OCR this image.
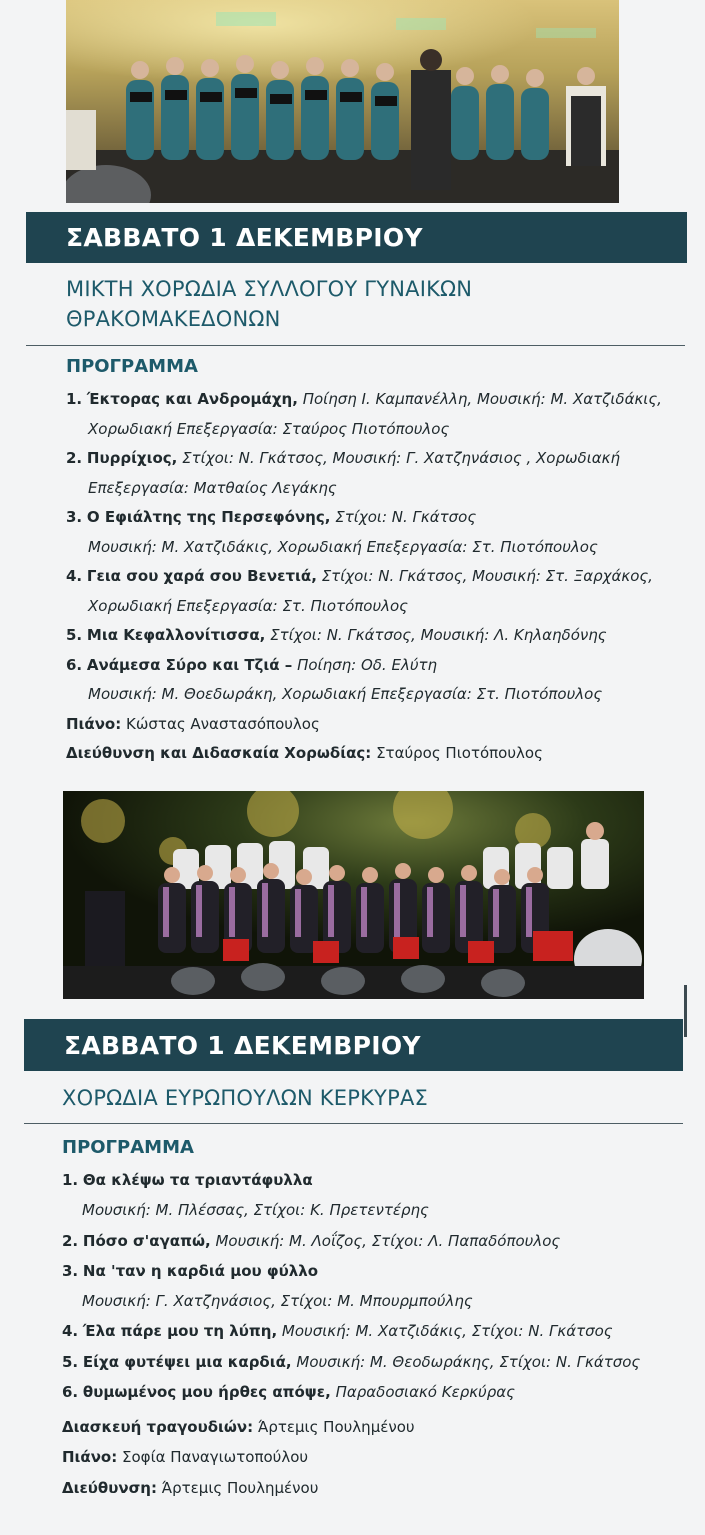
ΣΑΒΒΑΤΟ 1 ΔΕΚΕΜΒΡΙΟΥ
ΜΙΚΤΗ ΧΟΡΩΔΙΑ ΣΥΛΛΟΓΟΥ ΓΥΝΑΙΚΩΝ
ΘΡΑΚΟΜΑΚΕΔΟΝΩΝ
ΠΡΟΓΡΑΜΜΑ
1. Έκτορας και Ανδρομάχη, Ποίηση Ι. Καμπανέλλη, Μουσική: Μ. Χατζιδάκις,
Χορωδιακή Επεξεργασία: Σταύρος Πιοτόπουλος
2. Πυρρίχιος, Στίχοι: Ν. Γκάτσος, Μουσική: Γ. Χατζηνάσιος , Χορωδιακή
Επεξεργασία: Ματθαίος Λεγάκης
3. Ο Εφιάλτης της Περσεφόνης, Στίχοι: Ν. Γκάτσος
Μουσική: Μ. Χατζιδάκις, Χορωδιακή Επεξεργασία: Στ. Πιοτόπουλος
4. Γεια σου χαρά σου Βενετιά, Στίχοι: Ν. Γκάτσος, Μουσική: Στ. Ξαρχάκος,
Χορωδιακή Επεξεργασία: Στ. Πιοτόπουλος
5. Μια Κεφαλλονίτισσα, Στίχοι: Ν. Γκάτσος, Μουσική: Λ. Κηλαηδόνης
6. Ανάμεσα Σύρο και Τζιά – Ποίηση: Οδ. Ελύτη
Μουσική: Μ. Θοεδωράκη, Χορωδιακή Επεξεργασία: Στ. Πιοτόπουλος
Πιάνο: Κώστας Αναστασόπουλος
Διεύθυνση και Διδασκαία Χορωδίας: Σταύρος Πιοτόπουλος
ΣΑΒΒΑΤΟ 1 ΔΕΚΕΜΒΡΙΟΥ
ΧΟΡΩΔΙΑ ΕΥΡΩΠΟΥΛΩΝ ΚΕΡΚΥΡΑΣ
ΠΡΟΓΡΑΜΜΑ
1. Θα κλέψω τα τριαντάφυλλα
Μουσική: Μ. Πλέσσας, Στίχοι: Κ. Πρετεντέρης
2. Πόσο σ'αγαπώ, Μουσική: Μ. Λοΐζος, Στίχοι: Λ. Παπαδόπουλος
3. Να 'ταν η καρδιά μου φύλλο
Μουσική: Γ. Χατζηνάσιος, Στίχοι: Μ. Μπουρμπούλης
4. Έλα πάρε μου τη λύπη, Μουσική: Μ. Χατζιδάκις, Στίχοι: Ν. Γκάτσος
5. Είχα φυτέψει μια καρδιά, Μουσική: Μ. Θεοδωράκης, Στίχοι: Ν. Γκάτσος
6. θυμωμένος μου ήρθες απόψε, Παραδοσιακό Κερκύρας
Διασκευή τραγουδιών: Άρτεμις Πουλημένου
Πιάνο: Σοφία Παναγιωτοπούλου
Διεύθυνση: Άρτεμις Πουλημένου
